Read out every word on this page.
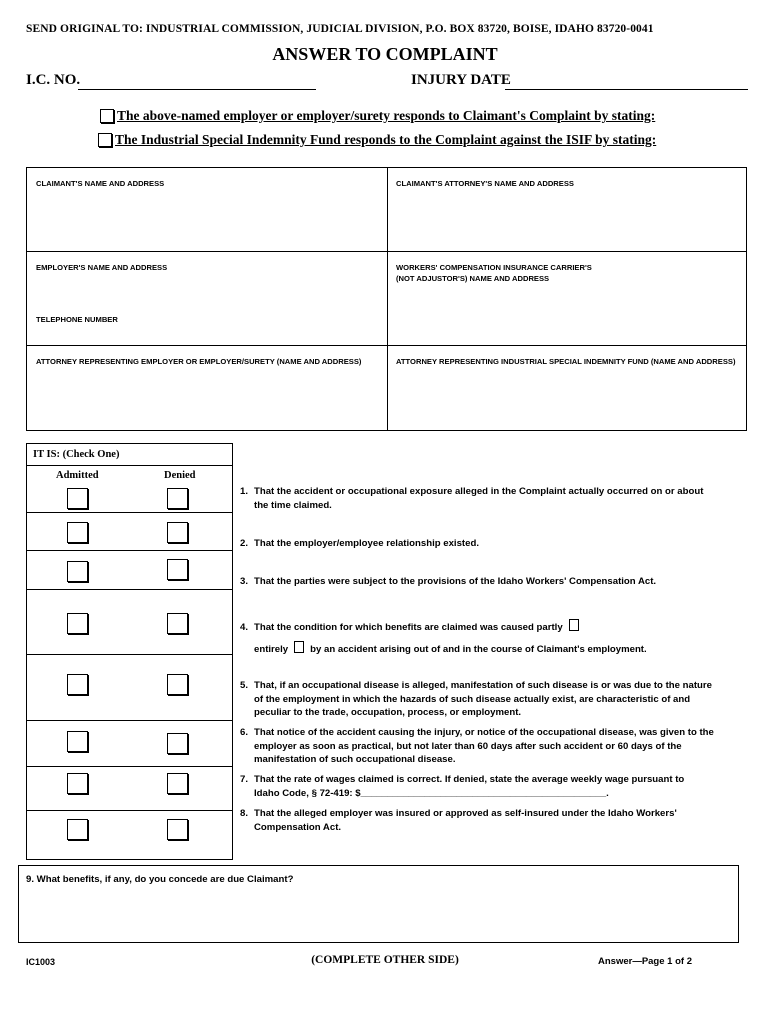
SEND ORIGINAL TO: INDUSTRIAL COMMISSION, JUDICIAL DIVISION, P.O. BOX 83720, BOISE, IDAHO 83720-0041
ANSWER TO COMPLAINT
I.C. NO.	INJURY DATE
The above-named employer or employer/surety responds to Claimant's Complaint by stating:
The Industrial Special Indemnity Fund responds to the Complaint against the ISIF by stating:
CLAIMANT'S NAME AND ADDRESS	CLAIMANT'S ATTORNEY'S NAME AND ADDRESS
EMPLOYER'S NAME AND ADDRESS	WORKERS' COMPENSATION INSURANCE CARRIER'S
(NOT ADJUSTOR'S) NAME AND ADDRESS
TELEPHONE NUMBER
ATTORNEY REPRESENTING EMPLOYER OR EMPLOYER/SURETY (NAME AND ADDRESS)	ATTORNEY REPRESENTING INDUSTRIAL SPECIAL INDEMNITY FUND (NAME AND ADDRESS)
IT IS: (Check One)
Admitted	Denied
1. That the accident or occupational exposure alleged in the Complaint actually occurred on or about
the time claimed.
2. That the employer/employee relationship existed.
3. That the parties were subject to the provisions of the Idaho Workers' Compensation Act.
4. That the condition for which benefits are claimed was caused partly
entirely by an accident arising out of and in the course of Claimant's employment.
5. That, if an occupational disease is alleged, manifestation of such disease is or was due to the nature
of the employment in which the hazards of such disease actually exist, are characteristic of and
peculiar to the trade, occupation, process, or employment.
6. That notice of the accident causing the injury, or notice of the occupational disease, was given to the
employer as soon as practical, but not later than 60 days after such accident or 60 days of the
manifestation of such occupational disease.
7. That the rate of wages claimed is correct. If denied, state the average weekly wage pursuant to
Idaho Code, § 72-419: $______________________________________________.
8. That the alleged employer was insured or approved as self-insured under the Idaho Workers'
Compensation Act.
9. What benefits, if any, do you concede are due Claimant?
IC1003	(COMPLETE OTHER SIDE)	Answer—Page 1 of 2
